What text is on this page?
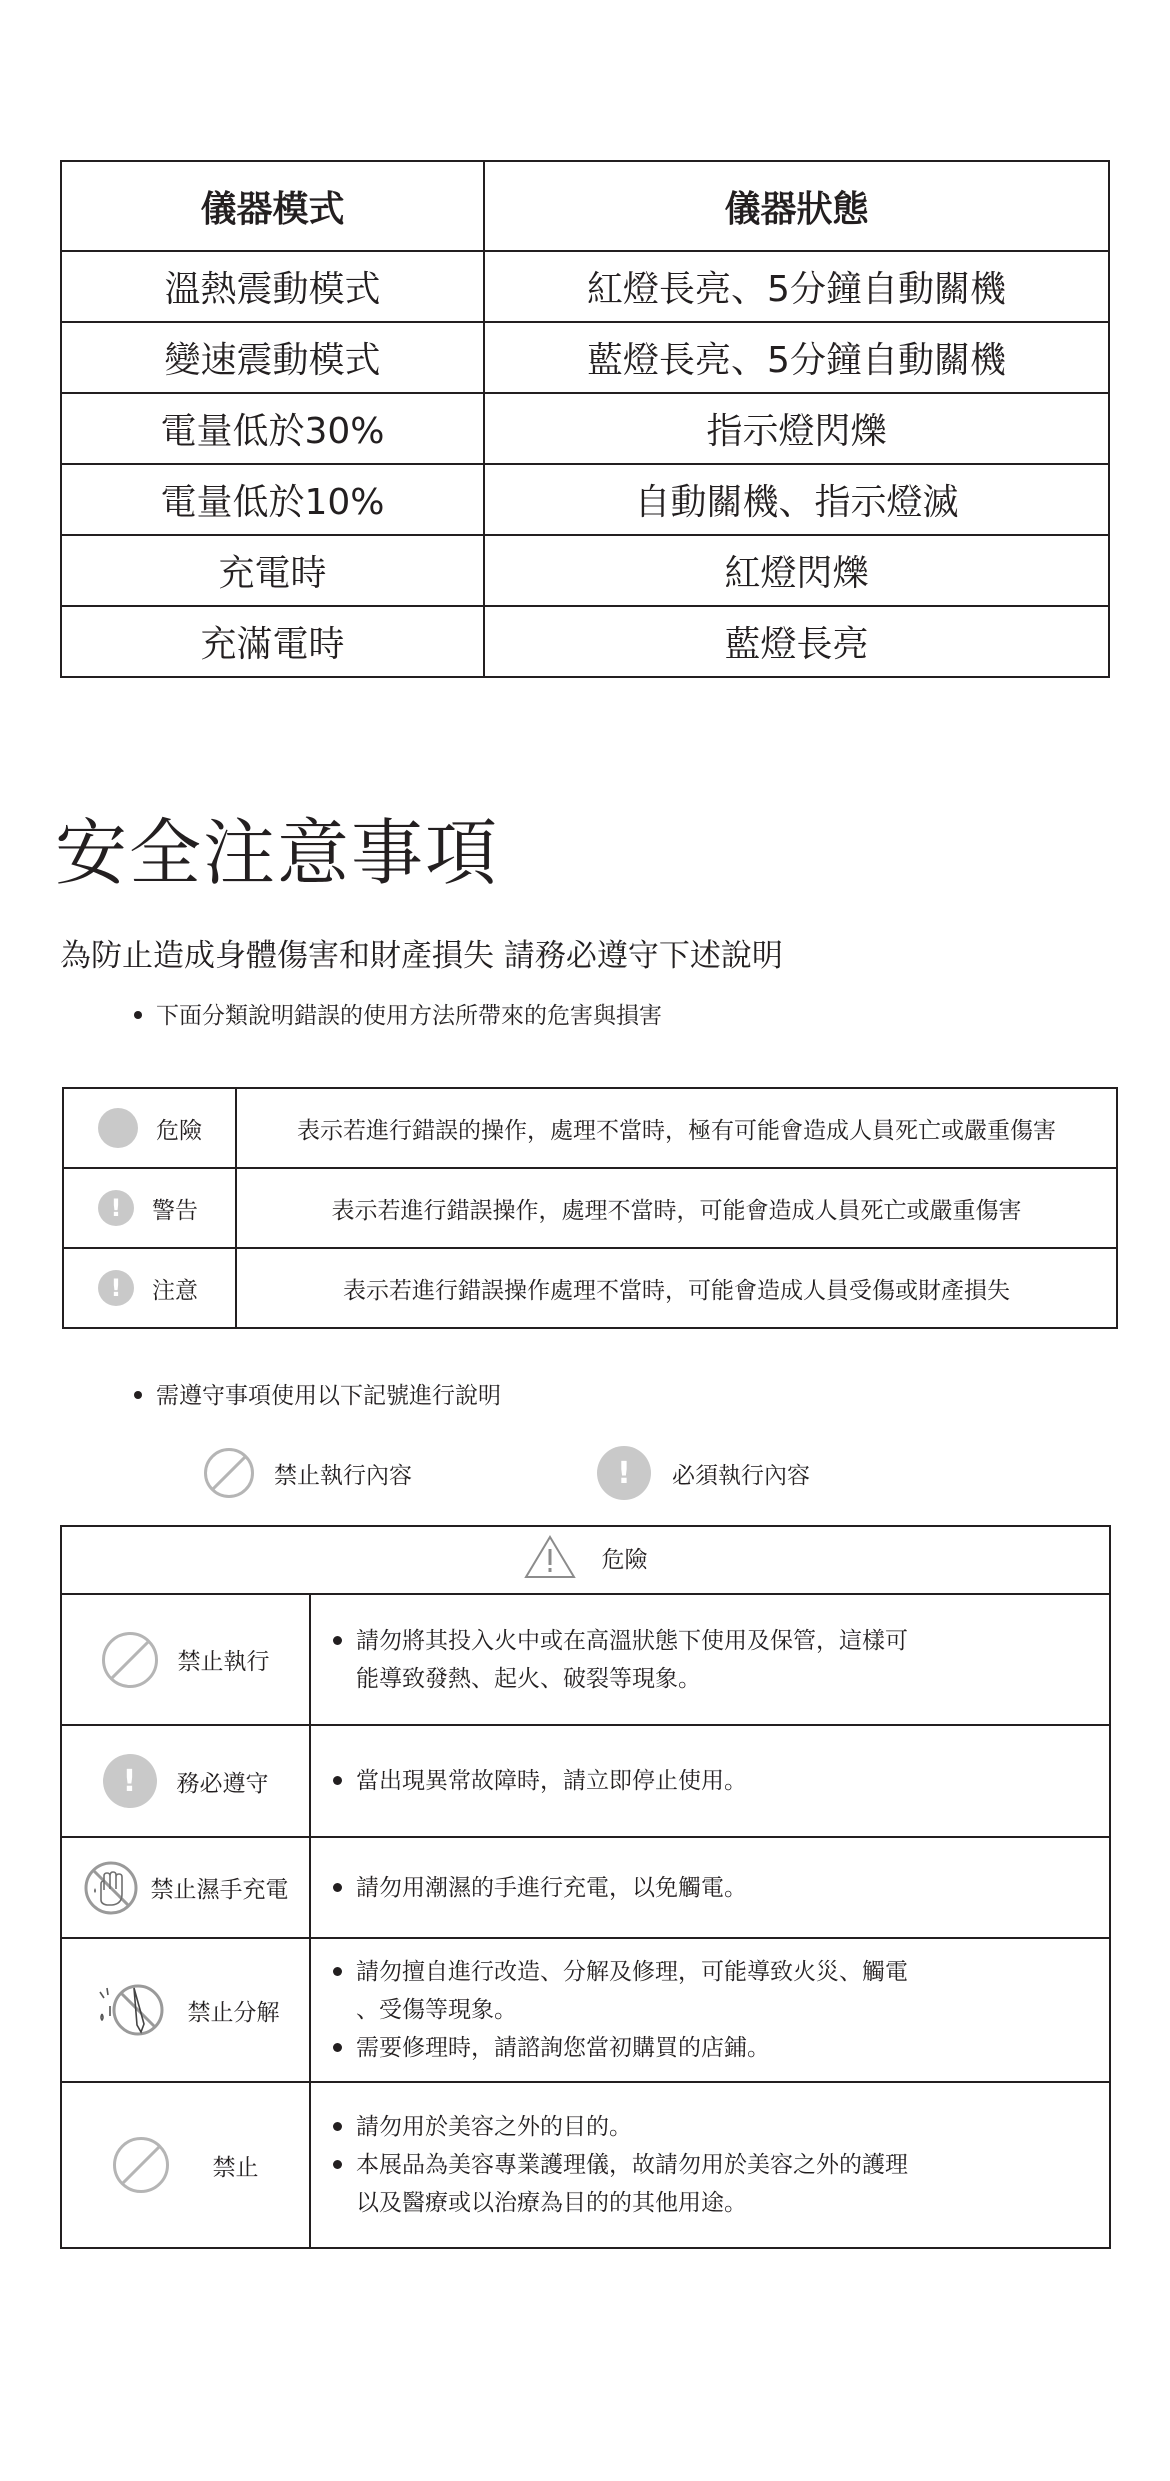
儀器模式	儀器狀態
溫熱震動模式	紅燈長亮、5分鐘自動關機
變速震動模式	藍燈長亮、5分鐘自動關機
電量低於30%	指示燈閃爍
電量低於10%	自動關機、指示燈滅
充電時	紅燈閃爍
充滿電時	藍燈長亮
安全注意事項
為防止造成身體傷害和財產損失 請務必遵守下述說明
下面分類說明錯誤的使用方法所帶來的危害與損害
危險	表示若進行錯誤的操作，處理不當時，極有可能會造成人員死亡或嚴重傷害

! 警告	表示若進行錯誤操作，處理不當時，可能會造成人員死亡或嚴重傷害

! 注意	表示若進行錯誤操作處理不當時，可能會造成人員受傷或財產損失
需遵守事項使用以下記號進行說明
禁止執行內容	!	必須執行內容
危險	

禁止執行	請勿將其投入火中或在高溫狀態下使用及保管，這樣可
能導致發熱、起火、破裂等現象。

! 務必遵守	當出現異常故障時，請立即停止使用。

禁止濕手充電	請勿用潮濕的手進行充電，以免觸電。

禁止分解	請勿擅自進行改造、分解及修理，可能導致火災、觸電
、受傷等現象。
需要修理時，請諮詢您當初購買的店鋪。

禁止	請勿用於美容之外的目的。
本展品為美容專業護理儀，故請勿用於美容之外的護理
以及醫療或以治療為目的的其他用途。
